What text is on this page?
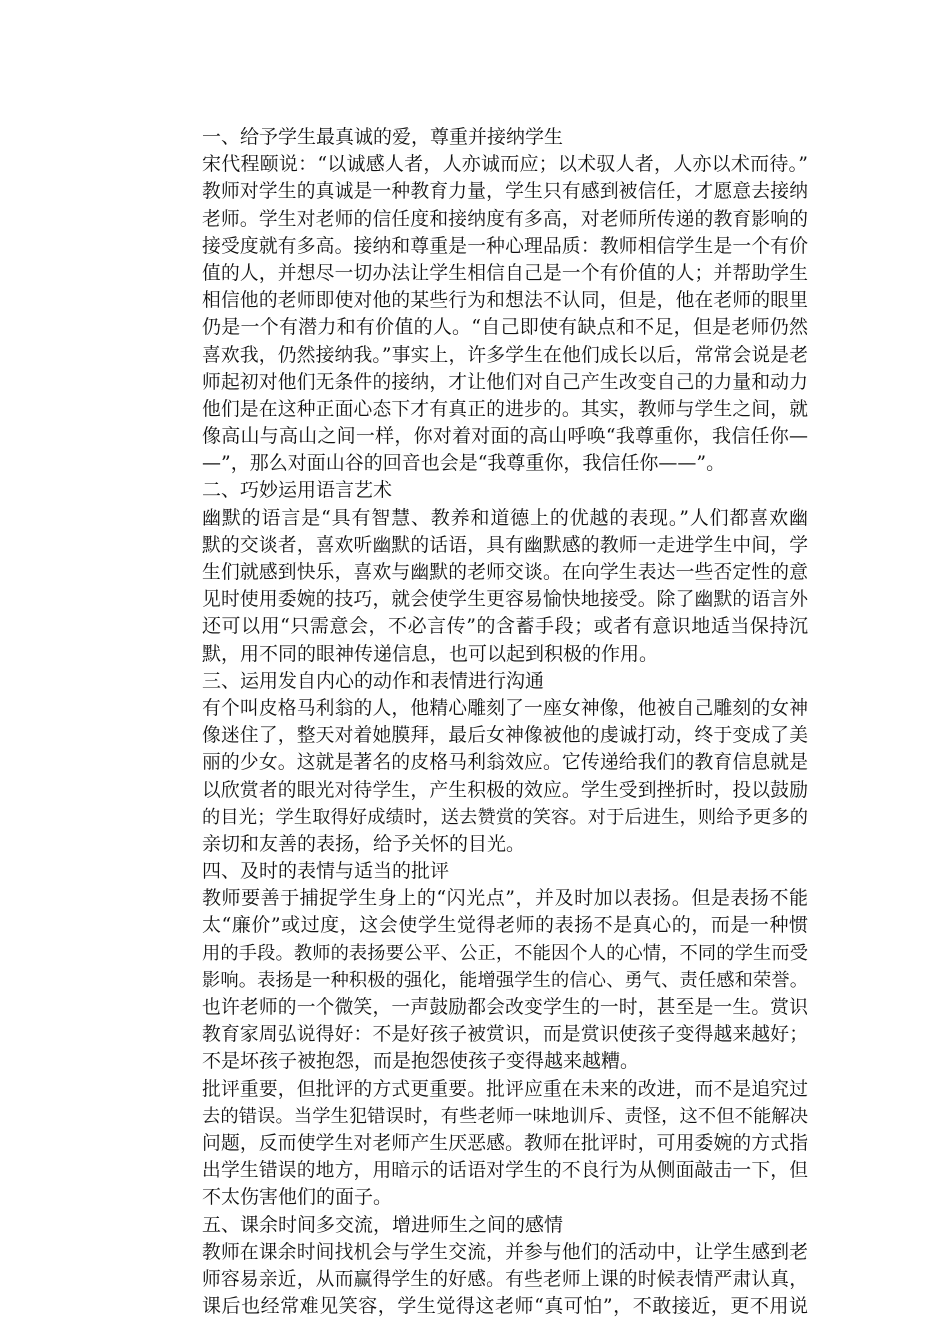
一、给予学生最真诚的爱，尊重并接纳学生
宋代程颐说：“以诚感人者，人亦诚而应；以术驭人者，人亦以术而待。”
教师对学生的真诚是一种教育力量，学生只有感到被信任，才愿意去接纳
老师。学生对老师的信任度和接纳度有多高，对老师所传递的教育影响的
接受度就有多高。接纳和尊重是一种心理品质：教师相信学生是一个有价
值的人，并想尽一切办法让学生相信自己是一个有价值的人；并帮助学生
相信他的老师即使对他的某些行为和想法不认同，但是，他在老师的眼里
仍是一个有潜力和有价值的人。“自己即使有缺点和不足，但是老师仍然
喜欢我，仍然接纳我。”事实上，许多学生在他们成长以后，常常会说是老
师起初对他们无条件的接纳，才让他们对自己产生改变自己的力量和动力
他们是在这种正面心态下才有真正的进步的。其实，教师与学生之间，就
像高山与高山之间一样，你对着对面的高山呼唤“我尊重你，我信任你—
—”，那么对面山谷的回音也会是“我尊重你，我信任你——”。
二、巧妙运用语言艺术
幽默的语言是“具有智慧、教养和道德上的优越的表现。”人们都喜欢幽
默的交谈者，喜欢听幽默的话语，具有幽默感的教师一走进学生中间，学
生们就感到快乐，喜欢与幽默的老师交谈。在向学生表达一些否定性的意
见时使用委婉的技巧，就会使学生更容易愉快地接受。除了幽默的语言外
还可以用“只需意会，不必言传”的含蓄手段；或者有意识地适当保持沉
默，用不同的眼神传递信息，也可以起到积极的作用。
三、运用发自内心的动作和表情进行沟通
有个叫皮格马利翁的人，他精心雕刻了一座女神像，他被自己雕刻的女神
像迷住了，整天对着她膜拜，最后女神像被他的虔诚打动，终于变成了美
丽的少女。这就是著名的皮格马利翁效应。它传递给我们的教育信息就是
以欣赏者的眼光对待学生，产生积极的效应。学生受到挫折时，投以鼓励
的目光；学生取得好成绩时，送去赞赏的笑容。对于后进生，则给予更多的
亲切和友善的表扬，给予关怀的目光。
四、及时的表情与适当的批评
教师要善于捕捉学生身上的“闪光点”，并及时加以表扬。但是表扬不能
太“廉价”或过度，这会使学生觉得老师的表扬不是真心的，而是一种惯
用的手段。教师的表扬要公平、公正，不能因个人的心情，不同的学生而受
影响。表扬是一种积极的强化，能增强学生的信心、勇气、责任感和荣誉。
也许老师的一个微笑，一声鼓励都会改变学生的一时，甚至是一生。赏识
教育家周弘说得好：不是好孩子被赏识，而是赏识使孩子变得越来越好；
不是坏孩子被抱怨，而是抱怨使孩子变得越来越糟。
批评重要，但批评的方式更重要。批评应重在未来的改进，而不是追究过
去的错误。当学生犯错误时，有些老师一味地训斥、责怪，这不但不能解决
问题，反而使学生对老师产生厌恶感。教师在批评时，可用委婉的方式指
出学生错误的地方，用暗示的话语对学生的不良行为从侧面敲击一下，但
不太伤害他们的面子。
五、课余时间多交流，增进师生之间的感情
教师在课余时间找机会与学生交流，并参与他们的活动中，让学生感到老
师容易亲近，从而赢得学生的好感。有些老师上课的时候表情严肃认真，
课后也经常难见笑容，学生觉得这老师“真可怕”，不敢接近，更不用说
